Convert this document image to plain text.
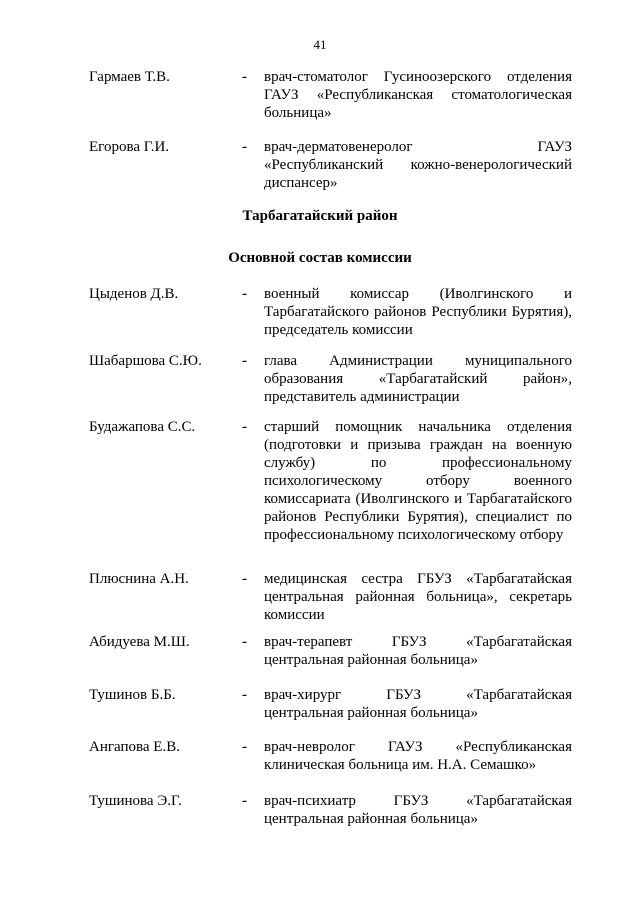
41
Гармаев Т.В.	- врач-стоматолог Гусиноозерского отделения ГАУЗ «Республиканская стоматологическая больница»
Егорова Г.И.	- врач-дерматовенеролог ГАУЗ «Республиканский кожно-венерологический диспансер»
Тарбагатайский район
Основной состав комиссии
Цыденов Д.В.	- военный комиссар (Иволгинского и Тарбагатайского районов Республики Бурятия), председатель комиссии
Шабаршова С.Ю.	- глава Администрации муниципального образования «Тарбагатайский район», представитель администрации
Будажапова С.С.	- старший помощник начальника отделения (подготовки и призыва граждан на военную службу) по профессиональному психологическому отбору военного комиссариата (Иволгинского и Тарбагатайского районов Республики Бурятия), специалист по профессиональному психологическому отбору
Плюснина А.Н.	- медицинская сестра ГБУЗ «Тарбагатайская центральная районная больница», секретарь комиссии
Абидуева М.Ш.	- врач-терапевт ГБУЗ «Тарбагатайская центральная районная больница»
Тушинов Б.Б.	- врач-хирург ГБУЗ «Тарбагатайская центральная районная больница»
Ангапова Е.В.	- врач-невролог ГАУЗ «Республиканская клиническая больница им. Н.А. Семашко»
Тушинова Э.Г.	- врач-психиатр ГБУЗ «Тарбагатайская центральная районная больница»
